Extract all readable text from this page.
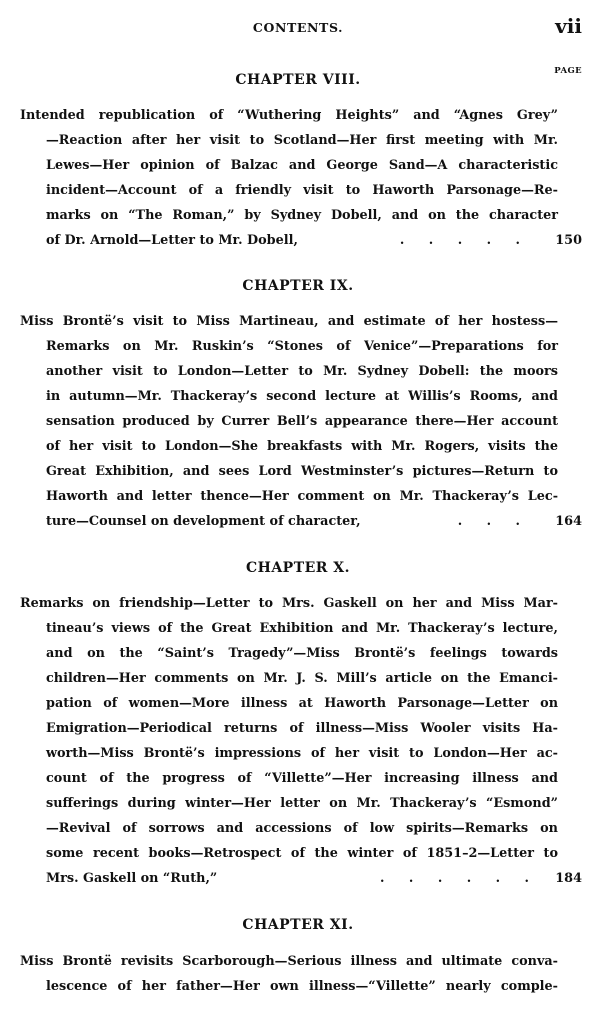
CONTENTS.	vii
PAGE
CHAPTER VIII.
Intended republication of “Wuthering Heights” and “Agnes Grey”
—Reaction after her visit to Scotland—Her first meeting with Mr.
Lewes—Her opinion of Balzac and George Sand—A characteristic
incident—Account of a friendly visit to Haworth Parsonage—Re-
marks on “The Roman,” by Sydney Dobell, and on the character
of Dr. Arnold—Letter to Mr. Dobell,	. . . . . 150
CHAPTER IX.
Miss Brontë’s visit to Miss Martineau, and estimate of her hostess—
Remarks on Mr. Ruskin’s “Stones of Venice”—Preparations for
another visit to London—Letter to Mr. Sydney Dobell: the moors
in autumn—Mr. Thackeray’s second lecture at Willis’s Rooms, and
sensation produced by Currer Bell’s appearance there—Her account
of her visit to London—She breakfasts with Mr. Rogers, visits the
Great Exhibition, and sees Lord Westminster’s pictures—Return to
Haworth and letter thence—Her comment on Mr. Thackeray’s Lec-
ture—Counsel on development of character,	. . . 164
CHAPTER X.
Remarks on friendship—Letter to Mrs. Gaskell on her and Miss Mar-
tineau’s views of the Great Exhibition and Mr. Thackeray’s lecture,
and on the “Saint’s Tragedy”—Miss Brontë’s feelings towards
children—Her comments on Mr. J. S. Mill’s article on the Emanci-
pation of women—More illness at Haworth Parsonage—Letter on
Emigration—Periodical returns of illness—Miss Wooler visits Ha-
worth—Miss Brontë’s impressions of her visit to London—Her ac-
count of the progress of “Villette”—Her increasing illness and
sufferings during winter—Her letter on Mr. Thackeray’s “Esmond”
—Revival of sorrows and accessions of low spirits—Remarks on
some recent books—Retrospect of the winter of 1851–2—Letter to
Mrs. Gaskell on “Ruth,”	. . . . . . 184
CHAPTER XI.
Miss Brontë revisits Scarborough—Serious illness and ultimate conva-
lescence of her father—Her own illness—“Villette” nearly comple-
